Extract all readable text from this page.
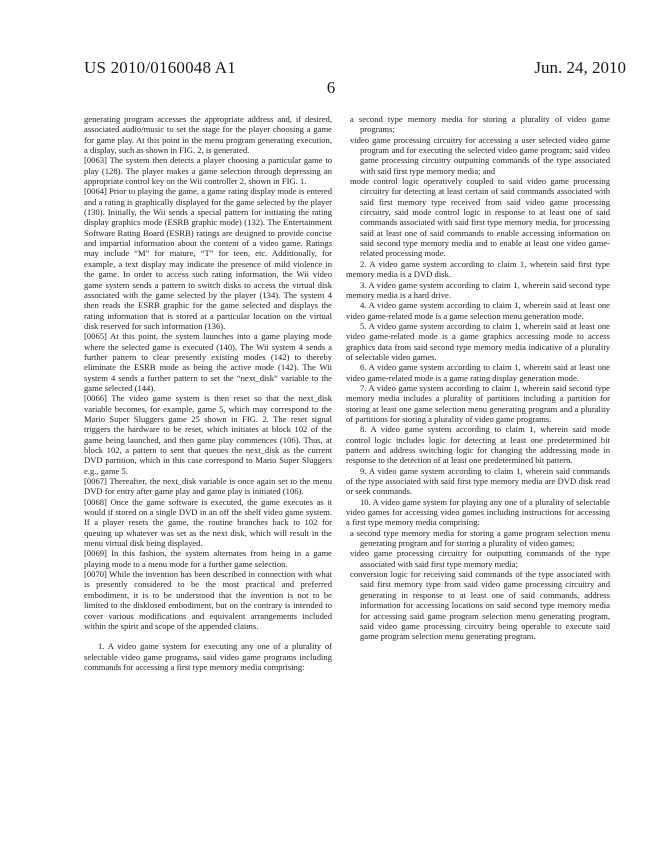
US 2010/0160048 A1	Jun. 24, 2010
6

generating program accesses the appropriate address and, if desired, associated audio/music to set the stage for the player choosing a game for game play. At this point in the menu program generating execution, a display, such as shown in FIG. 2, is generated.

[0063] The system then detects a player choosing a particular game to play (128). The player makes a game selection through depressing an appropriate control key on the Wii controller 2, shown in FIG. 1.

[0064] Prior to playing the game, a game rating display mode is entered and a rating is graphically displayed for the game selected by the player (130). Initially, the Wii sends a special pattern for initiating the rating display graphics mode (ESRB graphic mode) (132). The Entertainment Software Rating Board (ESRB) ratings are designed to provide concise and impartial information about the content of a video game. Ratings may include “M” for mature, “T” for teen, etc. Additionally, for example, a text display may indicate the presence of mild violence in the game. In order to access such rating information, the Wii video game system sends a pattern to switch disks to access the virtual disk associated with the game selected by the player (134). The system 4 then reads the ESRB graphic for the game selected and displays the rating information that is stored at a particular location on the virtual disk reserved for such information (136).

[0065] At this point, the system launches into a game playing mode where the selected game is executed (140). The Wii system 4 sends a further pattern to clear presently existing modes (142) to thereby eliminate the ESRB mode as being the active mode (142). The Wii system 4 sends a further pattern to set the “next_disk” variable to the game selected (144).

[0066] The video game system is then reset so that the next_disk variable becomes, for example, game 5, which may correspond to the Mario Super Sluggers game 25 shown in FIG. 2. The reset signal triggers the hardware to be reset, which initiates at block 102 of the game being launched, and then game play commences (106). Thus, at block 102, a pattern to sent that queues the next_disk as the current DVD partition, which in this case correspond to Mario Super Sluggers e.g., game 5.

[0067] Thereafter, the next_disk variable is once again set to the menu DVD for entry after game play and game play is initiated (106).

[0068] Once the game software is executed, the game executes as it would if stored on a single DVD in an off the shelf video game system. If a player resets the game, the routine branches back to 102 for queuing up whatever was set as the next disk, which will result in the menu virtual disk being displayed.

[0069] In this fashion, the system alternates from being in a game playing mode to a menu mode for a further game selection.

[0070] While the invention has been described in connection with what is presently considered to be the most practical and preferred embodiment, it is to be understood that the invention is not to be limited to the disklosed embodiment, but on the contrary is intended to cover various modifications and equivalent arrangements included within the spirit and scope of the appended claims.

1. A video game system for executing any one of a plurality of selectable video game programs, said video game programs including commands for accessing a first type memory media comprising:

a second type memory media for storing a plurality of video game programs;

video game processing circuitry for accessing a user selected video game program and for executing the selected video game program; said video game processing circuitry outputting commands of the type associated with said first type memory media; and

mode control logic operatively coupled to said video game processing circuitry for detecting at least certain of said commands associated with said first memory type received from said video game processing circuitry, said mode control logic in response to at least one of said commands associated with said first type memory media, for processing said at least one of said commands to enable accessing information on said second type memory media and to enable at least one video game-related processing mode.

2. A video game system according to claim 1, wherein said first type memory media is a DVD disk.

3. A video game system according to claim 1, wherein said second type memory media is a hard drive.

4. A video game system according to claim 1, wherein said at least one video game-related mode is a game selection menu generation mode.

5. A video game system according to claim 1, wherein said at least one video game-related mode is a game graphics accessing mode to access graphics data from said second type memory media indicative of a plurality of selectable video games.

6. A video game system according to claim 1, wherein said at least one video game-related mode is a game rating display generation mode.

7. A video game system according to claim 1, wherein said second type memory media includes a plurality of partitions including a partition for storing at least one game selection menu generating program and a plurality of partitions for storing a plurality of video game programs.

8. A video game system according to claim 1, wherein said mode control logic includes logic for detecting at least one predetermined bit pattern and address switching logic for changing the addressing mode in response to the detection of at least one predetermined bit pattern.

9. A video game system according to claim 1, wherein said commands of the type associated with said first type memory media are DVD disk read or seek commands.

10. A video game system for playing any one of a plurality of selectable video games for accessing video games including instructions for accessing a first type memory media comprising:

a second type memory media for storing a game program selection menu generating program and for storing a plurality of video games;

video game processing circuitry for outputting commands of the type associated with said first type memory media;

conversion logic for receiving said commands of the type associated with said first memory type from said video game processing circuitry and generating in response to at least one of said commands, address information for accessing locations on said second type memory media for accessing said game program selection menu generating program, said video game processing circuitry being operable to execute said game program selection menu generating program.
